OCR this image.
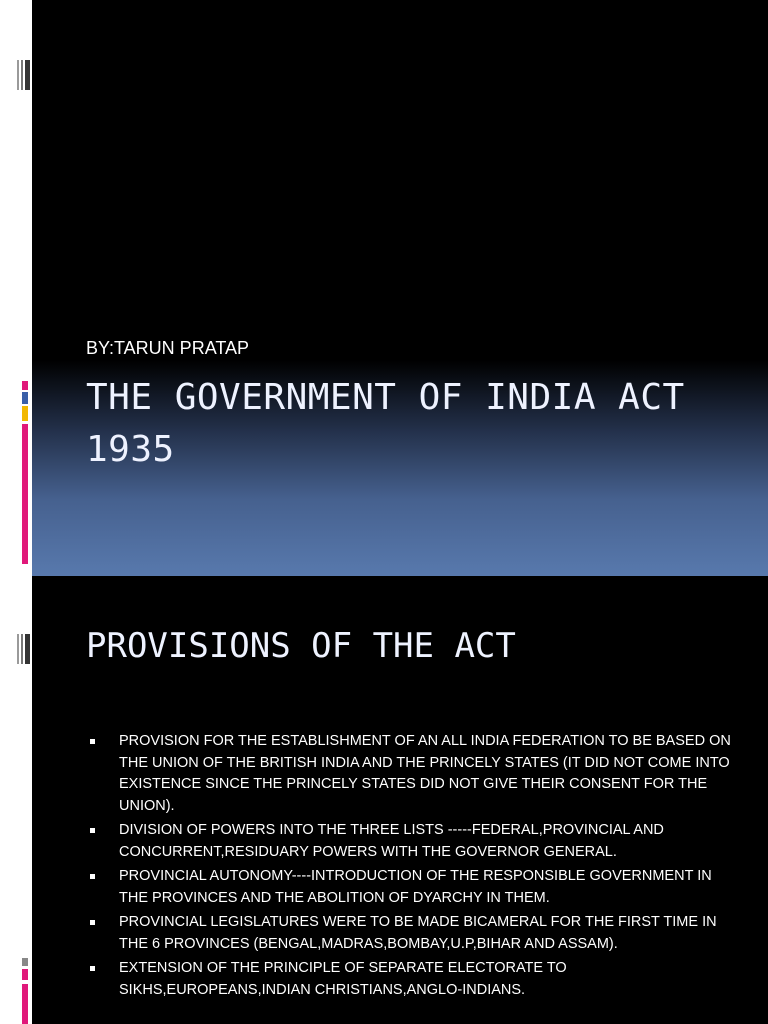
BY:TARUN PRATAP
THE GOVERNMENT OF INDIA ACT 1935
PROVISIONS OF THE ACT
PROVISION FOR THE ESTABLISHMENT OF AN ALL INDIA FEDERATION TO BE BASED ON THE UNION OF THE BRITISH INDIA AND THE PRINCELY STATES (IT DID NOT COME INTO EXISTENCE SINCE THE PRINCELY STATES DID NOT GIVE THEIR CONSENT FOR THE UNION).
DIVISION OF POWERS INTO THE THREE LISTS -----FEDERAL,PROVINCIAL AND CONCURRENT,RESIDUARY POWERS WITH THE GOVERNOR GENERAL.
PROVINCIAL AUTONOMY----INTRODUCTION OF THE RESPONSIBLE GOVERNMENT IN THE PROVINCES AND THE ABOLITION OF DYARCHY IN THEM.
PROVINCIAL LEGISLATURES WERE TO BE MADE BICAMERAL FOR THE FIRST TIME IN THE 6 PROVINCES (BENGAL,MADRAS,BOMBAY,U.P,BIHAR AND ASSAM).
EXTENSION OF THE PRINCIPLE OF SEPARATE ELECTORATE TO SIKHS,EUROPEANS,INDIAN CHRISTIANS,ANGLO-INDIANS.
